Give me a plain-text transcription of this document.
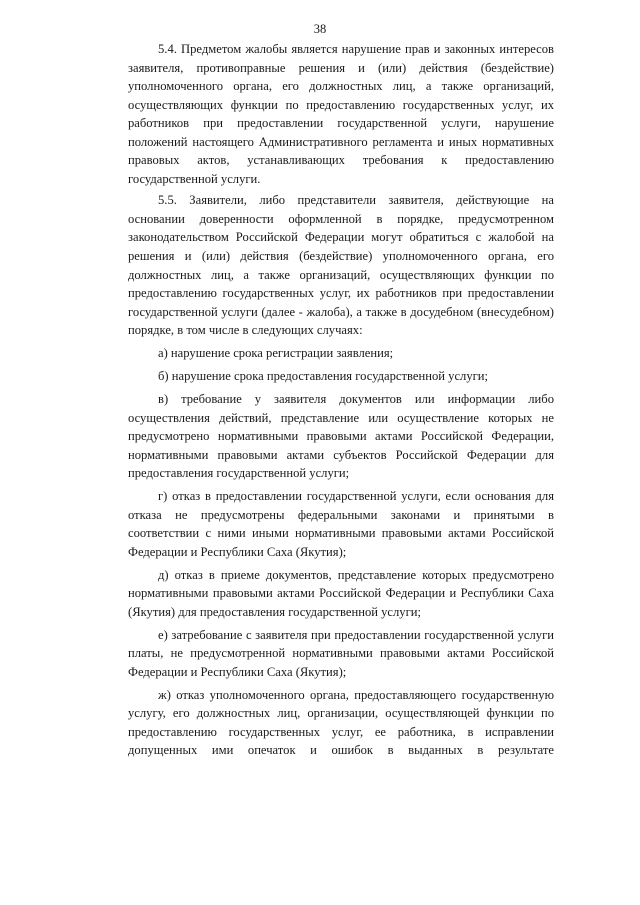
38

5.4. Предметом жалобы является нарушение прав и законных интересов заявителя, противоправные решения и (или) действия (бездействие) уполномоченного органа, его должностных лиц, а также организаций, осуществляющих функции по предоставлению государственных услуг, их работников при предоставлении государственной услуги, нарушение положений настоящего Административного регламента и иных нормативных правовых актов, устанавливающих требования к предоставлению государственной услуги.

5.5. Заявители, либо представители заявителя, действующие на основании доверенности оформленной в порядке, предусмотренном законодательством Российской Федерации могут обратиться с жалобой на решения и (или) действия (бездействие) уполномоченного органа, его должностных лиц, а также организаций, осуществляющих функции по предоставлению государственных услуг, их работников при предоставлении государственной услуги (далее - жалоба), а также в досудебном (внесудебном) порядке, в том числе в следующих случаях:

а) нарушение срока регистрации заявления;

б) нарушение срока предоставления государственной услуги;

в) требование у заявителя документов или информации либо осуществления действий, представление или осуществление которых не предусмотрено нормативными правовыми актами Российской Федерации, нормативными правовыми актами субъектов Российской Федерации для предоставления государственной услуги;

г) отказ в предоставлении государственной услуги, если основания для отказа не предусмотрены федеральными законами и принятыми в соответствии с ними иными нормативными правовыми актами Российской Федерации и Республики Саха (Якутия);

д) отказ в приеме документов, представление которых предусмотрено нормативными правовыми актами Российской Федерации и Республики Саха (Якутия) для предоставления государственной услуги;

е) затребование с заявителя при предоставлении государственной услуги платы, не предусмотренной нормативными правовыми актами Российской Федерации и Республики Саха (Якутия);

ж) отказ уполномоченного органа, предоставляющего государственную услугу, его должностных лиц, организации, осуществляющей функции по предоставлению государственных услуг, ее работника, в исправлении допущенных ими опечаток и ошибок в выданных в результате
